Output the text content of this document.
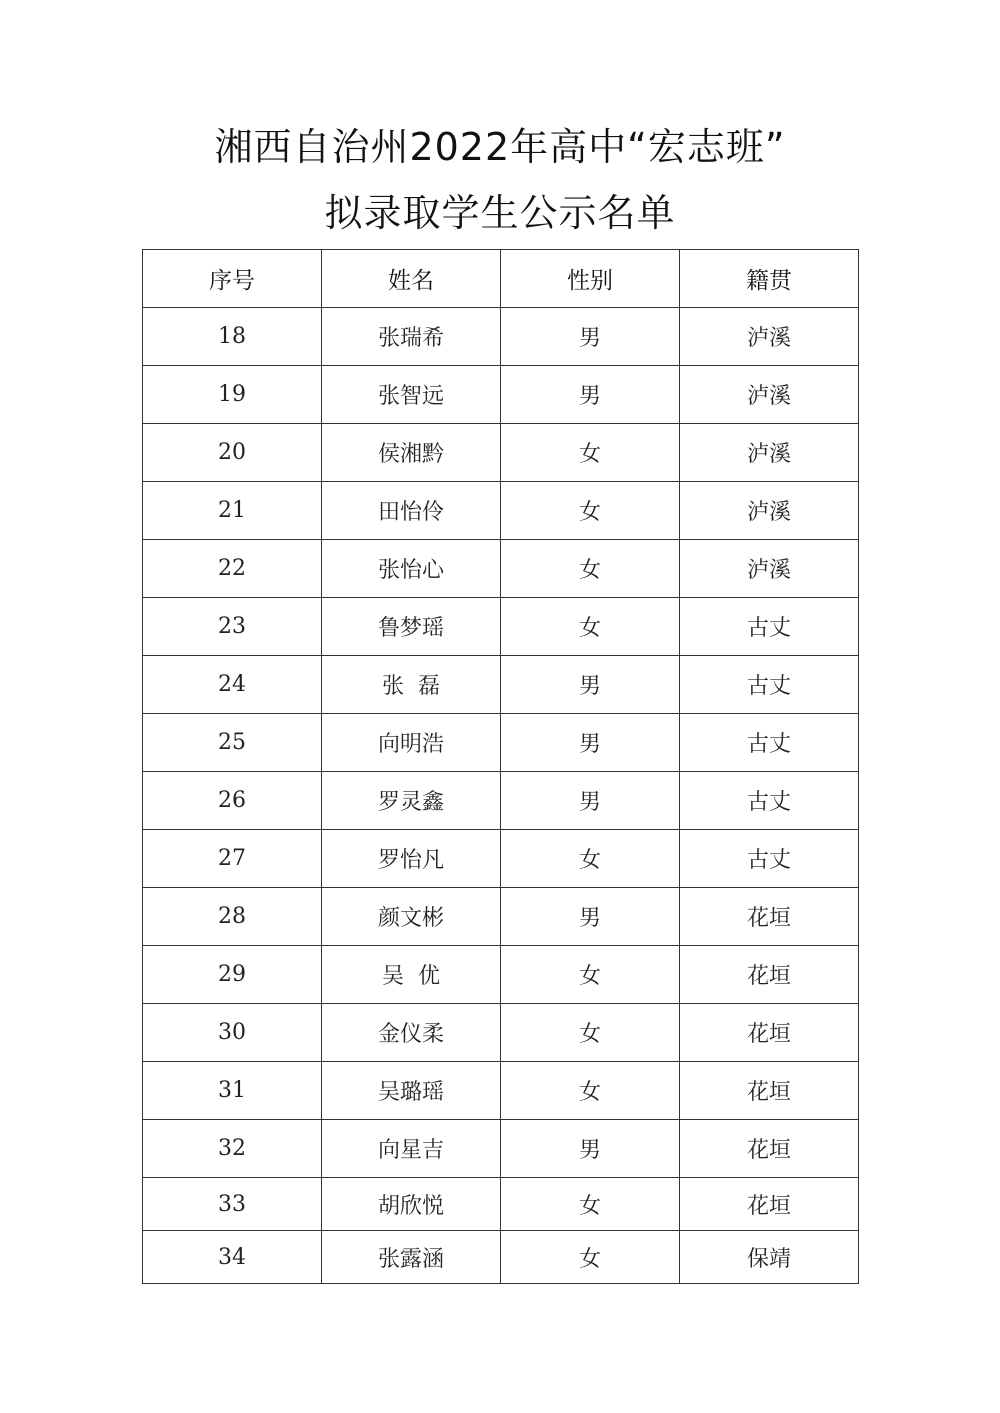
湘西自治州2022年高中“宏志班”
拟录取学生公示名单
序号	姓名	性别	籍贯
18	张瑞希	男	泸溪
19	张智远	男	泸溪
20	侯湘黔	女	泸溪
21	田怡伶	女	泸溪
22	张怡心	女	泸溪
23	鲁梦瑶	女	古丈
24	张  磊	男	古丈
25	向明浩	男	古丈
26	罗灵鑫	男	古丈
27	罗怡凡	女	古丈
28	颜文彬	男	花垣
29	吴  优	女	花垣
30	金仪柔	女	花垣
31	吴璐瑶	女	花垣
32	向星吉	男	花垣
33	胡欣悦	女	花垣
34	张露涵	女	保靖
